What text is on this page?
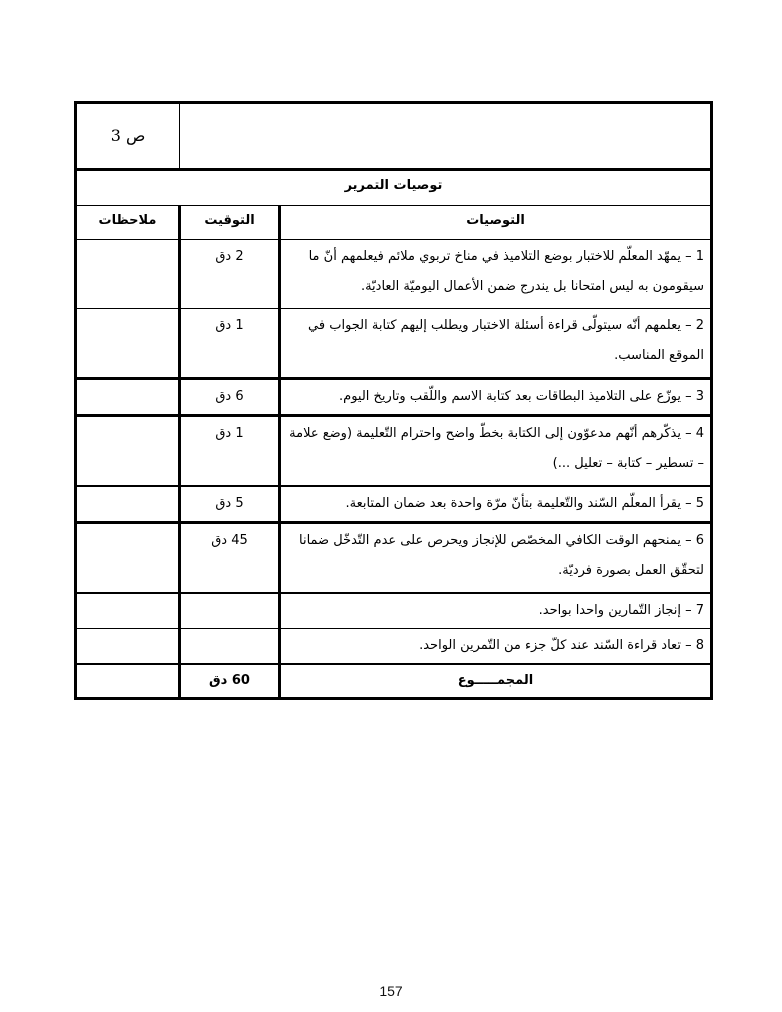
		ص 3
توصيات التمرير		
التوصيات	التوقيت	ملاحظات
1 – يمهّد المعلّم للاختبار بوضع التلاميذ في مناخ تربوي ملائم فيعلمهم أنّ ما سيقومون به ليس امتحانا بل يندرج ضمن الأعمال اليوميّة العاديّة.	2 دق	
2 – يعلمهم أنّه سيتولّى قراءة أسئلة الاختبار ويطلب إليهم كتابة الجواب في الموقع المناسب.	1 دق	
3 – يوزّع على التلاميذ البطاقات بعد كتابة الاسم واللّقب وتاريخ اليوم.	6 دق	
4 – يذكّرهم أنّهم مدعوّون إلى الكتابة بخطّ واضح واحترام التّعليمة (وضع علامة – تسطير – كتابة – تعليل ...)	1 دق	
5 – يقرأ المعلّم السّند والتّعليمة بتأنّ مرّة واحدة بعد ضمان المتابعة.	5 دق	
6 – يمنحهم الوقت الكافي المخصّص للإنجاز ويحرص على عدم التّدخّل ضمانا لتحقّق العمل بصورة فرديّة.	45 دق	
7 – إنجاز التّمارين واحدا بواحد.		
8 – تعاد قراءة السّند عند كلّ جزء من التّمرين الواحد.		
المجمـــــوع	60 دق	
157
